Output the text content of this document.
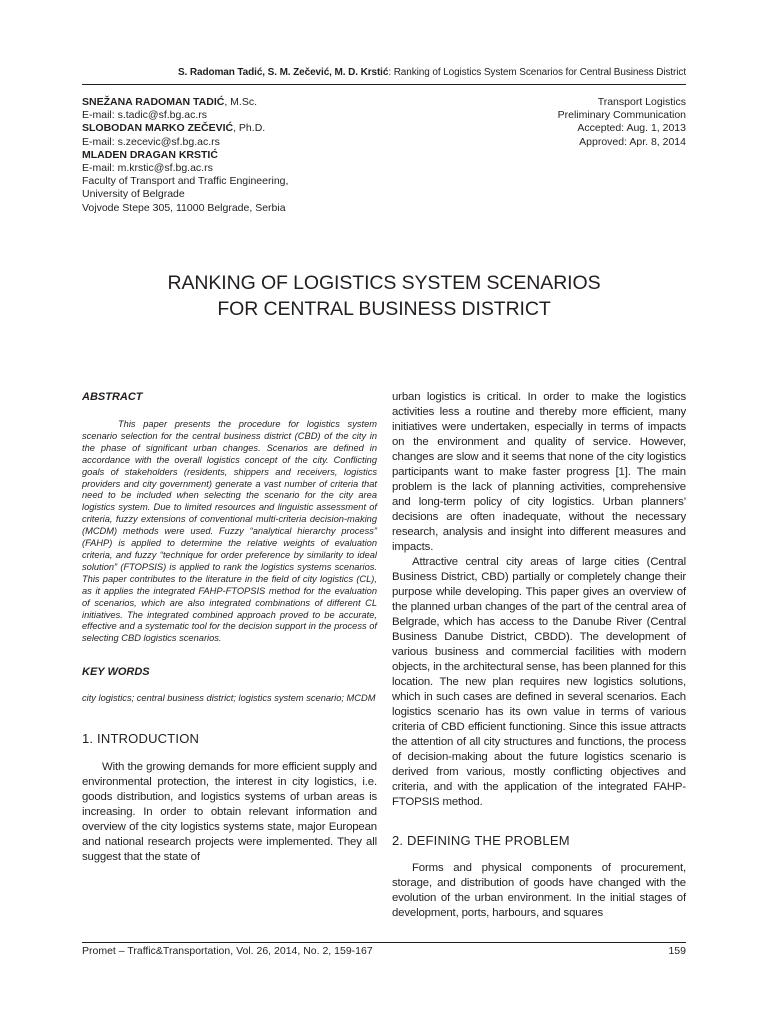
S. Radoman Tadić, S. M. Zečević, M. D. Krstić: Ranking of Logistics System Scenarios for Central Business District
SNEŽANA RADOMAN TADIĆ, M.Sc.
E-mail: s.tadic@sf.bg.ac.rs
SLOBODAN MARKO ZEČEVIĆ, Ph.D.
E-mail: s.zecevic@sf.bg.ac.rs
MLADEN DRAGAN KRSTIĆ
E-mail: m.krstic@sf.bg.ac.rs
Faculty of Transport and Traffic Engineering,
University of Belgrade
Vojvode Stepe 305, 11000 Belgrade, Serbia
Transport Logistics
Preliminary Communication
Accepted: Aug. 1, 2013
Approved: Apr. 8, 2014
RANKING OF LOGISTICS SYSTEM SCENARIOS
FOR CENTRAL BUSINESS DISTRICT
ABSTRACT

This paper presents the procedure for logistics system scenario selection for the central business district (CBD) of the city in the phase of significant urban changes. Scenarios are defined in accordance with the overall logistics concept of the city. Conflicting goals of stakeholders (residents, shippers and receivers, logistics providers and city government) generate a vast number of criteria that need to be included when selecting the scenario for the city area logistics system. Due to limited resources and linguistic assessment of criteria, fuzzy extensions of conventional multi-criteria decision-making (MCDM) methods were used. Fuzzy “analytical hierarchy process” (FAHP) is applied to determine the relative weights of evaluation criteria, and fuzzy “technique for order preference by similarity to ideal solution” (FTOPSIS) is applied to rank the logistics systems scenarios. This paper contributes to the literature in the field of city logistics (CL), as it applies the integrated FAHP-FTOPSIS method for the evaluation of scenarios, which are also integrated combinations of different CL initiatives. The integrated combined approach proved to be accurate, effective and a systematic tool for the decision support in the process of selecting CBD logistics scenarios.

KEY WORDS

city logistics; central business district; logistics system scenario; MCDM

1. INTRODUCTION

With the growing demands for more efficient supply and environmental protection, the interest in city logistics, i.e. goods distribution, and logistics systems of urban areas is increasing. In order to obtain relevant information and overview of the city logistics systems state, major European and national research projects were implemented. They all suggest that the state of

urban logistics is critical. In order to make the logistics activities less a routine and thereby more efficient, many initiatives were undertaken, especially in terms of impacts on the environment and quality of service. However, changes are slow and it seems that none of the city logistics participants want to make faster progress [1]. The main problem is the lack of planning activities, comprehensive and long-term policy of city logistics. Urban planners’ decisions are often inadequate, without the necessary research, analysis and insight into different measures and impacts.

Attractive central city areas of large cities (Central Business District, CBD) partially or completely change their purpose while developing. This paper gives an overview of the planned urban changes of the part of the central area of Belgrade, which has access to the Danube River (Central Business Danube District, CBDD). The development of various business and commercial facilities with modern objects, in the architectural sense, has been planned for this location. The new plan requires new logistics solutions, which in such cases are defined in several scenarios. Each logistics scenario has its own value in terms of various criteria of CBD efficient functioning. Since this issue attracts the attention of all city structures and functions, the process of decision-making about the future logistics scenario is derived from various, mostly conflicting objectives and criteria, and with the application of the integrated FAHP-FTOPSIS method.

2. DEFINING THE PROBLEM

Forms and physical components of procurement, storage, and distribution of goods have changed with the evolution of the urban environment. In the initial stages of development, ports, harbours, and squares

Promet – Traffic&Transportation, Vol. 26, 2014, No. 2, 159-167	159
